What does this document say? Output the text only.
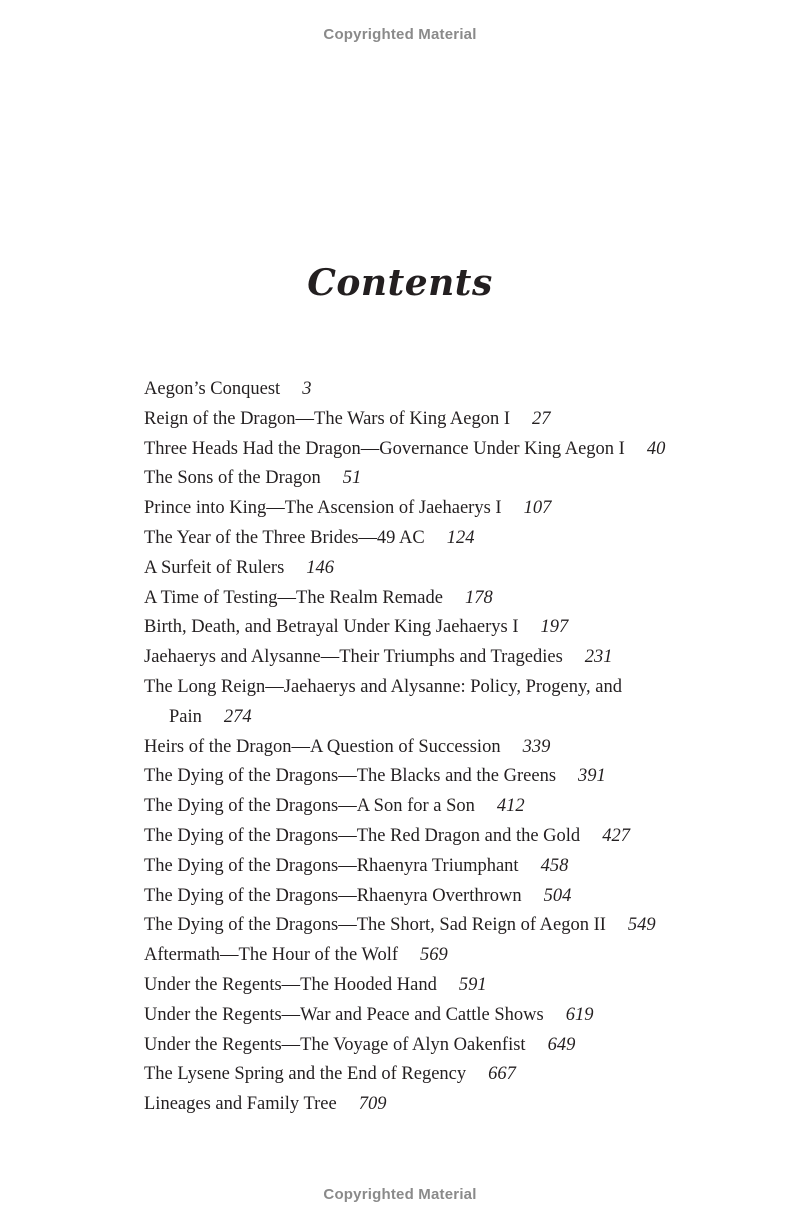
Copyrighted Material
Contents
Aegon’s Conquest 3
Reign of the Dragon—The Wars of King Aegon I 27
Three Heads Had the Dragon—Governance Under King Aegon I 40
The Sons of the Dragon 51
Prince into King—The Ascension of Jaehaerys I 107
The Year of the Three Brides—49 AC 124
A Surfeit of Rulers 146
A Time of Testing—The Realm Remade 178
Birth, Death, and Betrayal Under King Jaehaerys I 197
Jaehaerys and Alysanne—Their Triumphs and Tragedies 231
The Long Reign—Jaehaerys and Alysanne: Policy, Progeny, and Pain 274
Heirs of the Dragon—A Question of Succession 339
The Dying of the Dragons—The Blacks and the Greens 391
The Dying of the Dragons—A Son for a Son 412
The Dying of the Dragons—The Red Dragon and the Gold 427
The Dying of the Dragons—Rhaenyra Triumphant 458
The Dying of the Dragons—Rhaenyra Overthrown 504
The Dying of the Dragons—The Short, Sad Reign of Aegon II 549
Aftermath—The Hour of the Wolf 569
Under the Regents—The Hooded Hand 591
Under the Regents—War and Peace and Cattle Shows 619
Under the Regents—The Voyage of Alyn Oakenfist 649
The Lysene Spring and the End of Regency 667
Lineages and Family Tree 709
Copyrighted Material
